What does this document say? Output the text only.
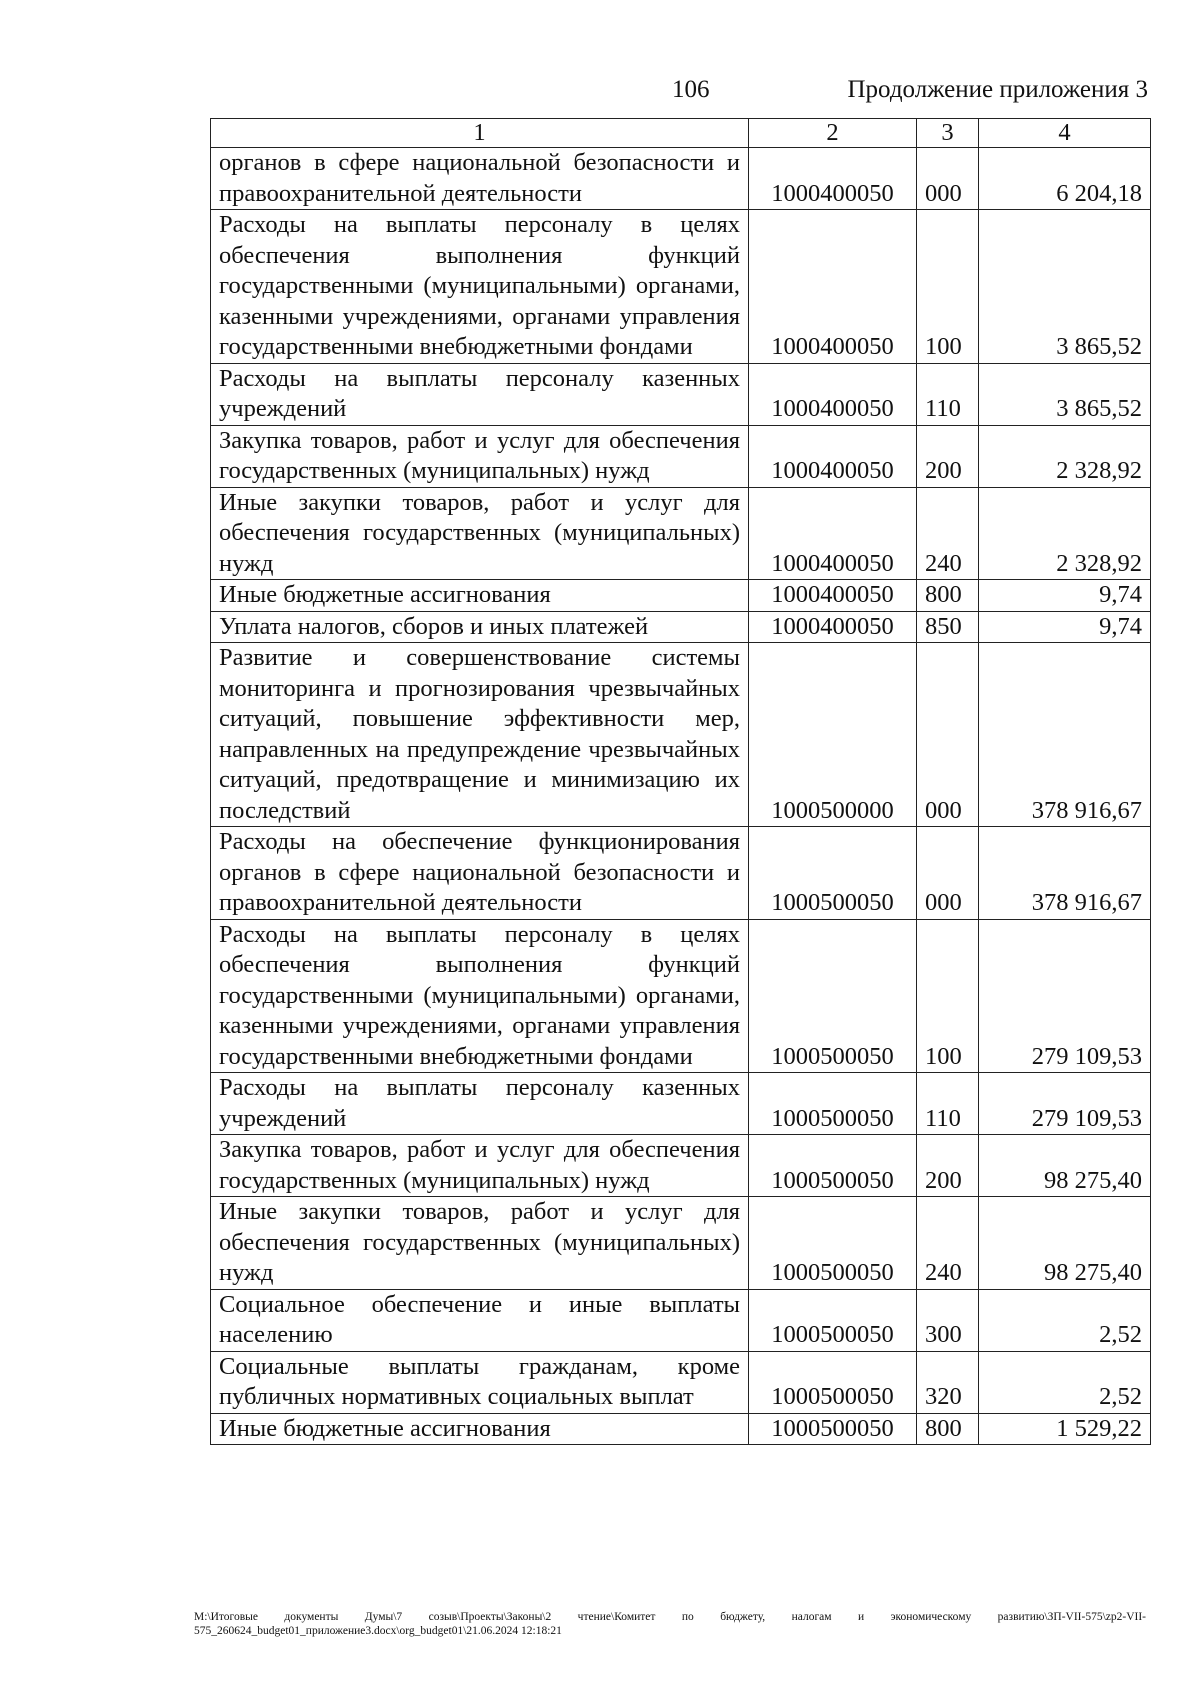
106	Продолжение приложения 3
1	2	3	4
органов в сфере национальной безопасности и правоохранительной деятельности	1000400050	000	6 204,18
Расходы на выплаты персоналу в целях обеспечения выполнения функций государственными (муниципальными) органами, казенными учреждениями, органами управления государственными внебюджетными фондами	1000400050	100	3 865,52
Расходы на выплаты персоналу казенных учреждений	1000400050	110	3 865,52
Закупка товаров, работ и услуг для обеспечения государственных (муниципальных) нужд	1000400050	200	2 328,92
Иные закупки товаров, работ и услуг для обеспечения государственных (муниципальных) нужд	1000400050	240	2 328,92
Иные бюджетные ассигнования	1000400050	800	9,74
Уплата налогов, сборов и иных платежей	1000400050	850	9,74
Развитие и совершенствование системы мониторинга и прогнозирования чрезвычайных ситуаций, повышение эффективности мер, направленных на предупреждение чрезвычайных ситуаций, предотвращение и минимизацию их последствий	1000500000	000	378 916,67
Расходы на обеспечение функционирования органов в сфере национальной безопасности и правоохранительной деятельности	1000500050	000	378 916,67
Расходы на выплаты персоналу в целях обеспечения выполнения функций государственными (муниципальными) органами, казенными учреждениями, органами управления государственными внебюджетными фондами	1000500050	100	279 109,53
Расходы на выплаты персоналу казенных учреждений	1000500050	110	279 109,53
Закупка товаров, работ и услуг для обеспечения государственных (муниципальных) нужд	1000500050	200	98 275,40
Иные закупки товаров, работ и услуг для обеспечения государственных (муниципальных) нужд	1000500050	240	98 275,40
Социальное обеспечение и иные выплаты населению	1000500050	300	2,52
Социальные выплаты гражданам, кроме публичных нормативных социальных выплат	1000500050	320	2,52
Иные бюджетные ассигнования	1000500050	800	1 529,22
М:\Итоговые документы Думы\7 созыв\Проекты\Законы\2 чтение\Комитет по бюджету, налогам и экономическому развитию\ЗП-VII-575\zp2-VII-575_260624_budget01_приложение3.docx\org_budget01\21.06.2024 12:18:21
